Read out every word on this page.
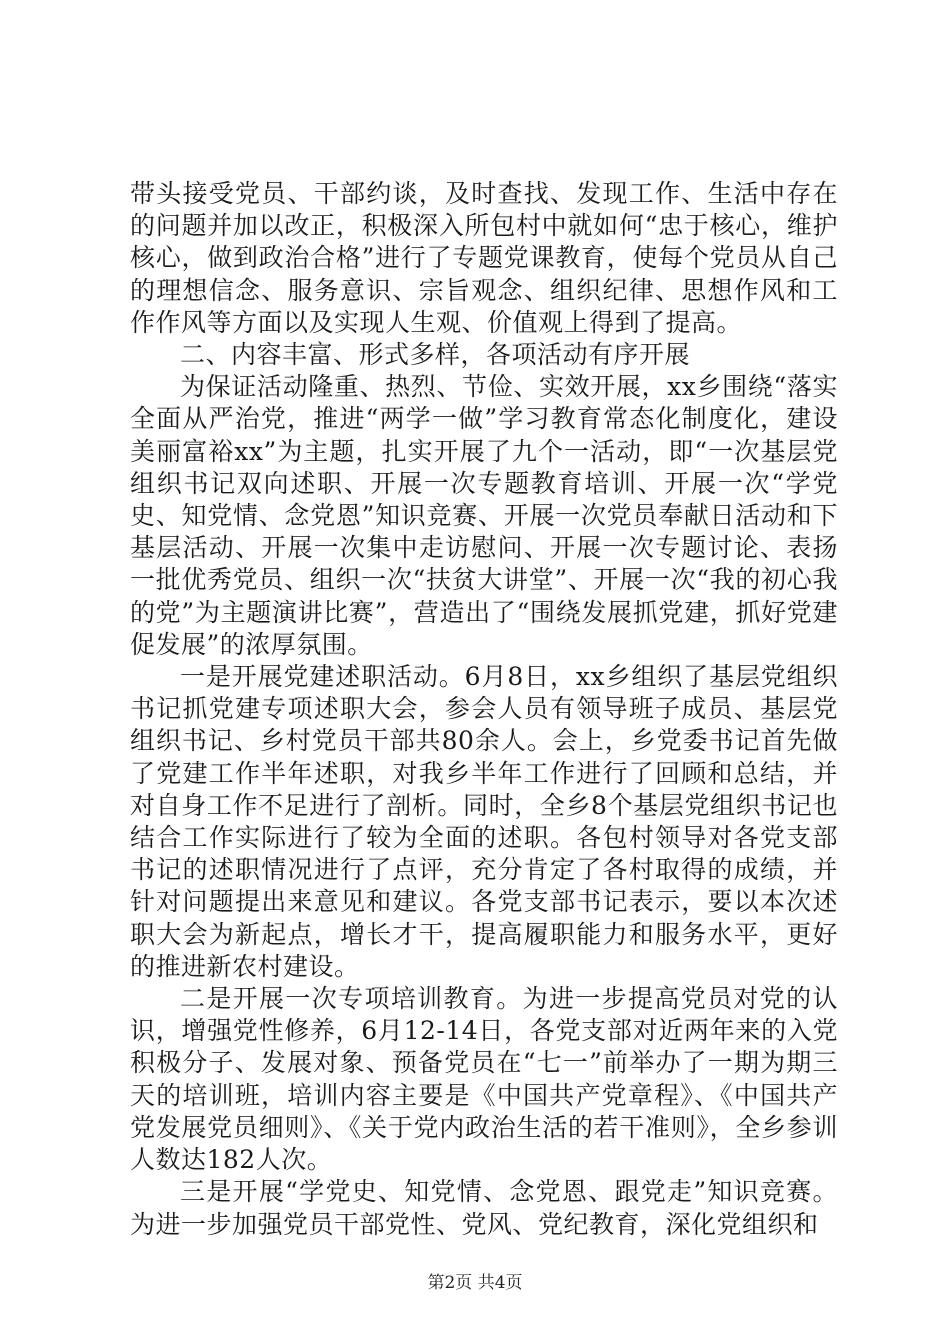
带头接受党员、干部约谈，及时查找、发现工作、生活中存在的问题并加以改正，积极深入所包村中就如何“忠于核心，维护核心，做到政治合格”进行了专题党课教育，使每个党员从自己的理想信念、服务意识、宗旨观念、组织纪律、思想作风和工作作风等方面以及实现人生观、价值观上得到了提高。

二、内容丰富、形式多样，各项活动有序开展

为保证活动隆重、热烈、节俭、实效开展，xx乡围绕“落实全面从严治党，推进“两学一做”学习教育常态化制度化，建设美丽富裕xx”为主题，扎实开展了九个一活动，即“一次基层党组织书记双向述职、开展一次专题教育培训、开展一次“学党史、知党情、念党恩”知识竞赛、开展一次党员奉献日活动和下基层活动、开展一次集中走访慰问、开展一次专题讨论、表扬一批优秀党员、组织一次“扶贫大讲堂”、开展一次“我的初心我的党”为主题演讲比赛”，营造出了“围绕发展抓党建，抓好党建促发展”的浓厚氛围。

一是开展党建述职活动。6月8日，xx乡组织了基层党组织书记抓党建专项述职大会，参会人员有领导班子成员、基层党组织书记、乡村党员干部共80余人。会上，乡党委书记首先做了党建工作半年述职，对我乡半年工作进行了回顾和总结，并对自身工作不足进行了剖析。同时，全乡8个基层党组织书记也结合工作实际进行了较为全面的述职。各包村领导对各党支部书记的述职情况进行了点评，充分肯定了各村取得的成绩，并针对问题提出来意见和建议。各党支部书记表示，要以本次述职大会为新起点，增长才干，提高履职能力和服务水平，更好的推进新农村建设。

二是开展一次专项培训教育。为进一步提高党员对党的认识，增强党性修养，6月12-14日，各党支部对近两年来的入党积极分子、发展对象、预备党员在“七一”前举办了一期为期三天的培训班，培训内容主要是《中国共产党章程》、《中国共产党发展党员细则》、《关于党内政治生活的若干准则》，全乡参训人数达182人次。

三是开展“学党史、知党情、念党恩、跟党走”知识竞赛。为进一步加强党员干部党性、党风、党纪教育，深化党组织和

第2页 共4页
